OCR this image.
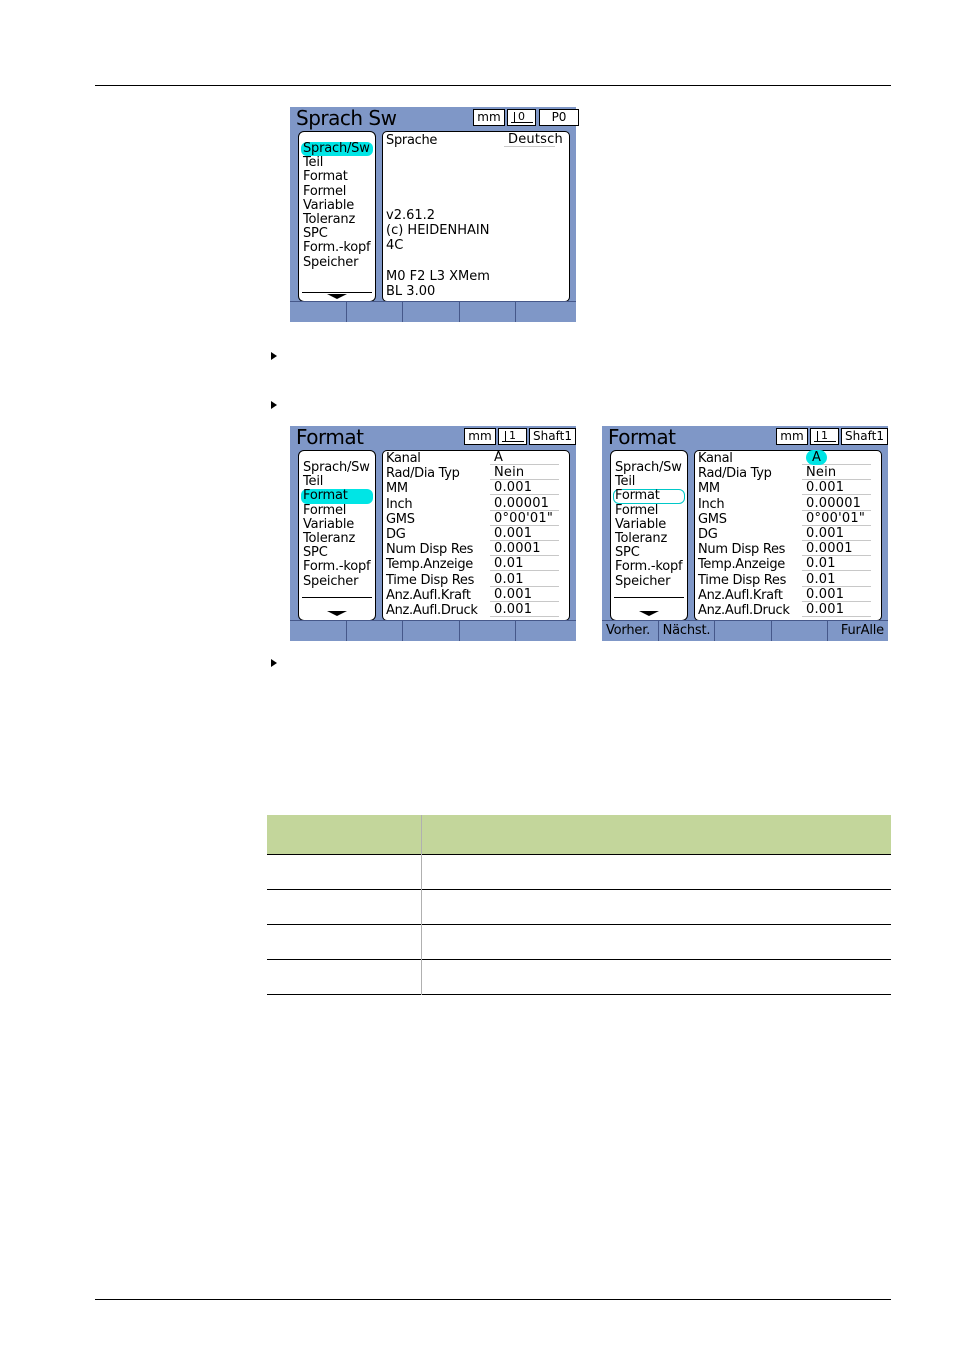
Sprach Sw	mm	0	P0
Sprach/Sw
Teil
Format
Formel
Variable
Toleranz
SPC
Form.-kopf
Speicher
Sprache	Deutsch
v2.61.2
(c) HEIDENHAIN
4C
M0 F2 L3 XMem
BL 3.00
Format	mm	1	Shaft1
Sprach/Sw
Teil
Format
Formel
Variable
Toleranz
SPC
Form.-kopf
Speicher
Kanal	A
Rad/Dia Typ	Nein
MM	0.001
Inch	0.00001
GMS	0°00'01"
DG	0.001
Num Disp Res	0.0001
Temp.Anzeige	0.01
Time Disp Res	0.01
Anz.Aufl.Kraft	0.001
Anz.Aufl.Druck	0.001
Format	mm	1	Shaft1
Sprach/Sw
Teil
Format
Formel
Variable
Toleranz
SPC
Form.-kopf
Speicher
Kanal	A
Rad/Dia Typ	Nein
MM	0.001
Inch	0.00001
GMS	0°00'01"
DG	0.001
Num Disp Res	0.0001
Temp.Anzeige	0.01
Time Disp Res	0.01
Anz.Aufl.Kraft	0.001
Anz.Aufl.Druck	0.001
Vorher. Nächst.	FurAlle
